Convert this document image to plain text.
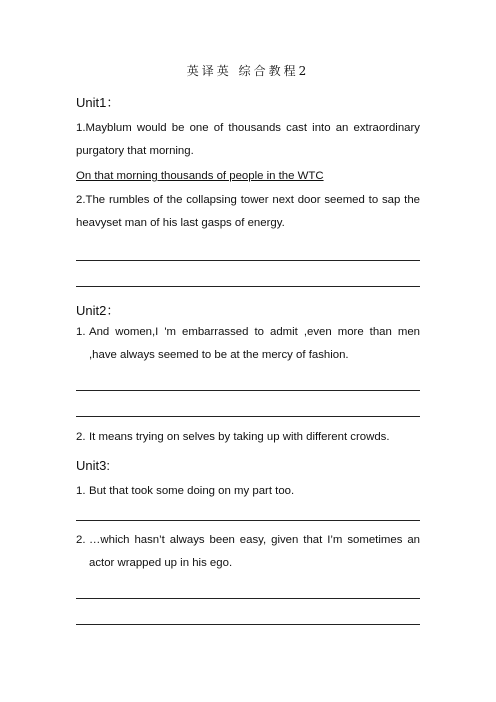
英译英 综合教程2
Unit1：
1.Mayblum would be one of thousands cast into an extraordinary purgatory that morning.
On that morning thousands of people in the WTC
2.The rumbles of the collapsing tower next door seemed to sap the heavyset man of his last gasps of energy.
Unit2：
1. And women,I 'm embarrassed to admit ,even more than men ,have always seemed to be at the mercy of fashion.
2. It means trying on selves by taking up with different crowds.
Unit3:
1. But that took some doing on my part too.
2. …which hasn’t always been easy, given that I’m sometimes an actor wrapped up in his ego.
